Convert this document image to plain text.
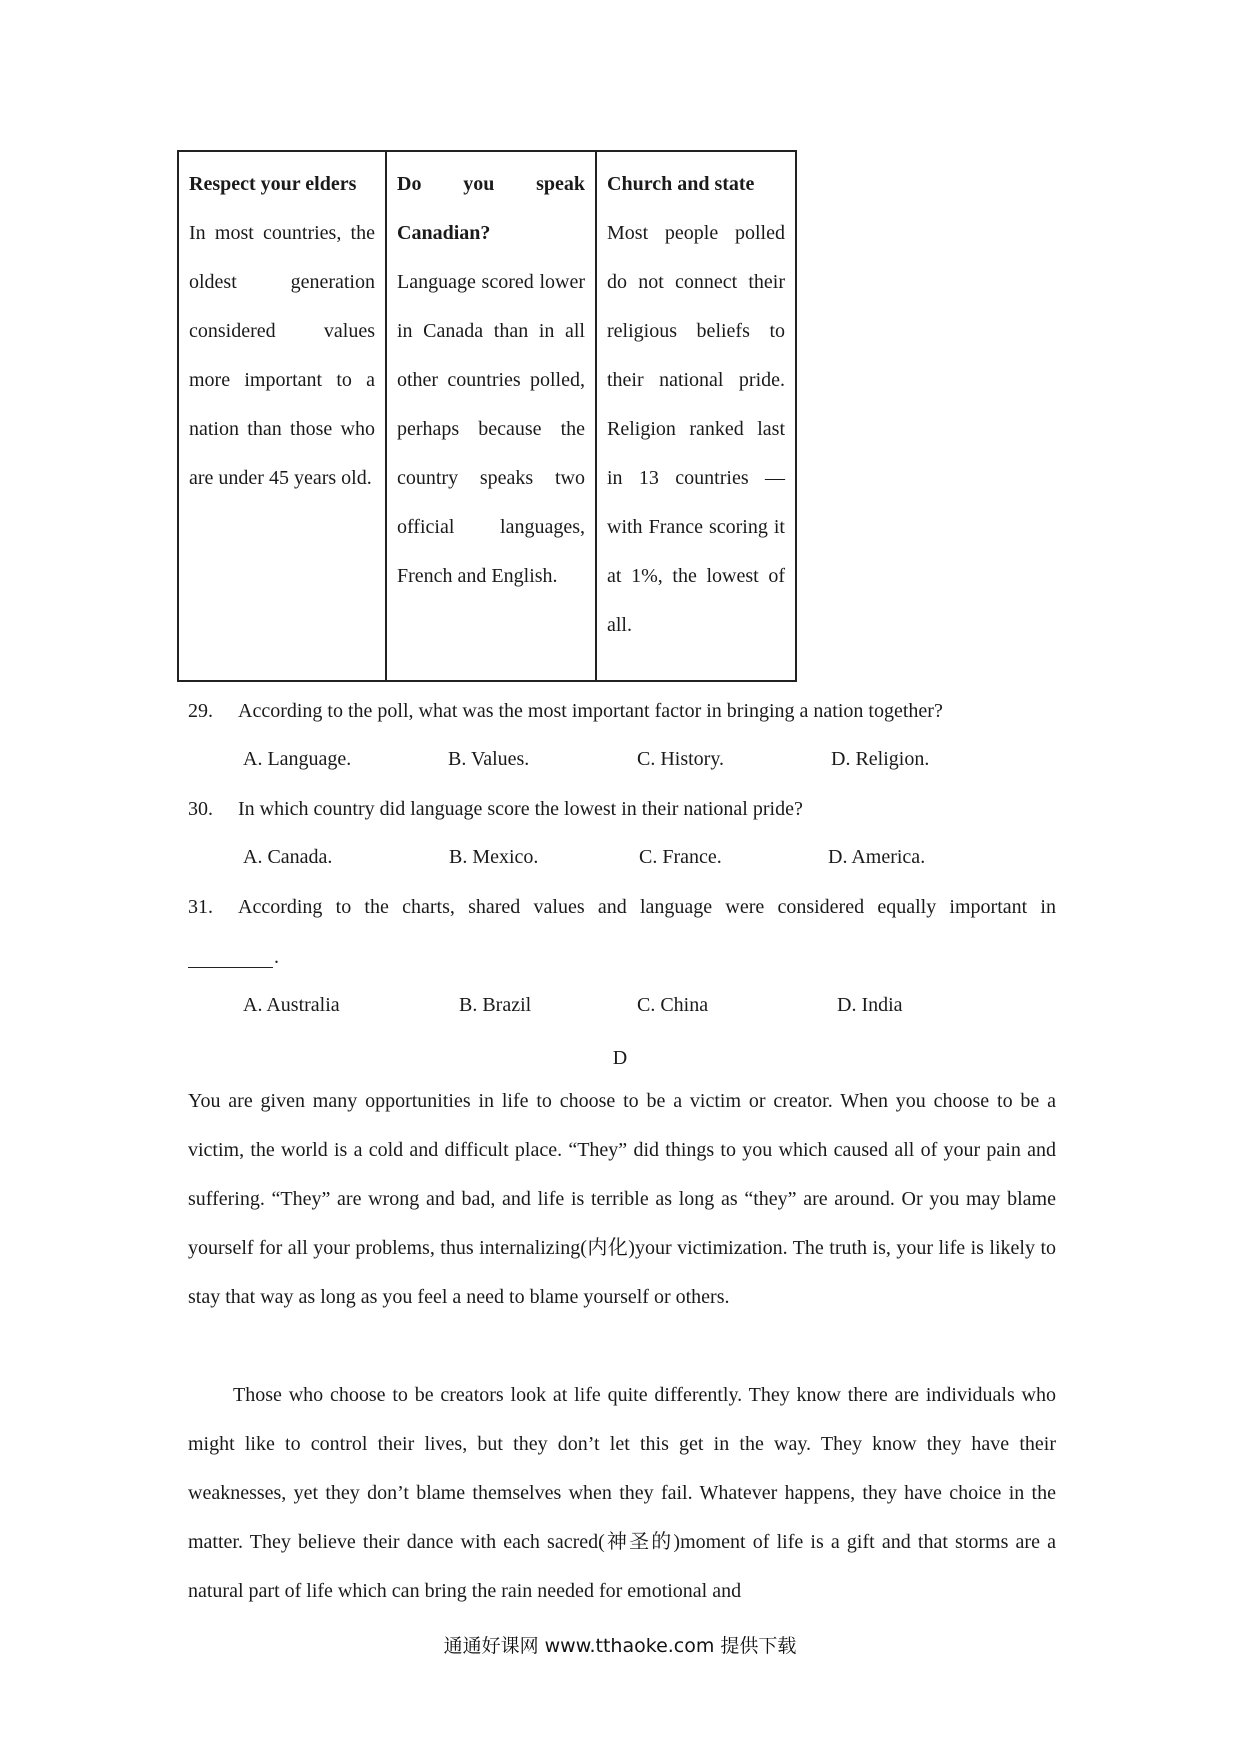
Respect your elders
In most countries, the oldest generation considered values more important to a nation than those who are under 45 years old.	
Do you speak Canadian?
Language scored lower in Canada than in all other countries polled, perhaps because the country speaks two official languages, French and English.	
Church and state
Most people polled do not connect their religious beliefs to their national pride. Religion ranked last in 13 countries — with France scoring it at 1%, the lowest of all.
29. According to the poll, what was the most important factor in bringing a nation together?
A. Language.	B. Values.	C. History.	D. Religion.
30. In which country did language score the lowest in their national pride?
A. Canada.	B. Mexico.	C. France.	D. America.
31. According to the charts, shared values and language were considered equally important in
.
A. Australia	B. Brazil	C. China	D. India
D

You are given many opportunities in life to choose to be a victim or creator. When you choose to be a victim, the world is a cold and difficult place. “They” did things to you which caused all of your pain and suffering. “They” are wrong and bad, and life is terrible as long as “they” are around. Or you may blame yourself for all your problems, thus internalizing(内化)your victimization. The truth is, your life is likely to stay that way as long as you feel a need to blame yourself or others.

Those who choose to be creators look at life quite differently. They know there are individuals who might like to control their lives, but they don’t let this get in the way. They know they have their weaknesses, yet they don’t blame themselves when they fail. Whatever happens, they have choice in the matter. They believe their dance with each sacred(神圣的)moment of life is a gift and that storms are a natural part of life which can bring the rain needed for emotional and

通通好课网 www.tthaoke.com 提供下载
